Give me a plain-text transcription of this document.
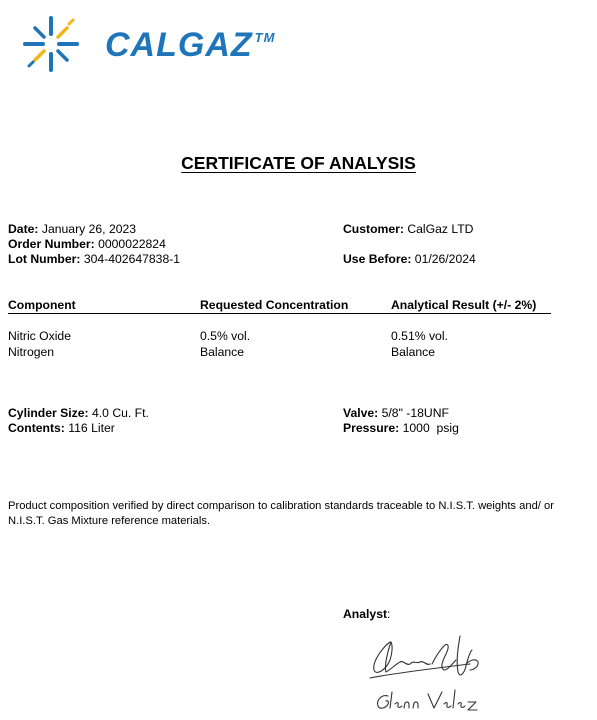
CALGAZ ™
CERTIFICATE OF ANALYSIS
Date: January 26, 2023
Order Number: 0000022824
Lot Number: 304-402647838-1
Customer: CalGaz LTD
Use Before: 01/26/2024
Component	Requested Concentration	Analytical Result (+/- 2%)
Nitric Oxide	0.5% vol.	0.51% vol.
Nitrogen	Balance	Balance
Cylinder Size: 4.0 Cu. Ft.
Contents: 116 Liter
Valve: 5/8" -18UNF
Pressure: 1000  psig
Product composition verified by direct comparison to calibration standards traceable to N.I.S.T. weights and/ or N.I.S.T. Gas Mixture reference materials.
Analyst:
